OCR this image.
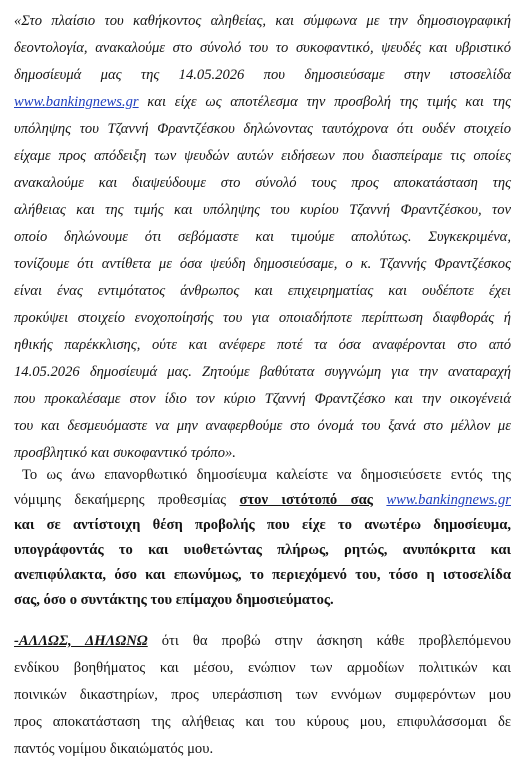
«Στο πλαίσιο του καθήκοντος αληθείας, και σύμφωνα με την δημοσιογραφική
δεοντολογία, ανακαλούμε στο σύνολό του το συκοφαντικό, ψευδές και υβριστικό
δημοσίευμά μας της 14.05.2026 που δημοσιεύσαμε στην ιστοσελίδα
www.bankingnews.gr και είχε ως αποτέλεσμα την προσβολή της τιμής και της
υπόληψης του Τζαννή Φραντζέσκου δηλώνοντας ταυτόχρονα ότι ουδέν στοιχείο
είχαμε προς απόδειξη των ψευδών αυτών ειδήσεων που διασπείραμε τις οποίες
ανακαλούμε και διαψεύδουμε στο σύνολό τους προς αποκατάσταση της
αλήθειας και της τιμής και υπόληψης του κυρίου Τζαννή Φραντζέσκου, τον
οποίο δηλώνουμε ότι σεβόμαστε και τιμούμε απολύτως. Συγκεκριμένα,
τονίζουμε ότι αντίθετα με όσα ψεύδη δημοσιεύσαμε, ο κ. Τζαννής Φραντζέσκος
είναι ένας εντιμότατος άνθρωπος και επιχειρηματίας και ουδέποτε έχει
προκύψει στοιχείο ενοχοποίησής του για οποιαδήποτε περίπτωση διαφθοράς ή
ηθικής παρέκκλισης, ούτε και ανέφερε ποτέ τα όσα αναφέρονται στο από
14.05.2026 δημοσίευμά μας. Ζητούμε βαθύτατα συγγνώμη για την αναταραχή
που προκαλέσαμε στον ίδιο τον κύριο Τζαννή Φραντζέσκο και την οικογένειά
του και δεσμευόμαστε να μην αναφερθούμε στο όνομά του ξανά στο μέλλον με
προσβλητικό και συκοφαντικό τρόπο».
Το ως άνω επανορθωτικό δημοσίευμα καλείστε να δημοσιεύσετε εντός της
νόμιμης δεκαήμερης προθεσμίας στον ιστότοπό σας www.bankingnews.gr
και σε αντίστοιχη θέση προβολής που είχε το ανωτέρω δημοσίευμα,
υπογράφοντάς το και υιοθετώντας πλήρως, ρητώς, ανυπόκριτα και
ανεπιφύλακτα, όσο και επωνύμως, το περιεχόμενό του, τόσο η ιστοσελίδα
σας, όσο ο συντάκτης του επίμαχου δημοσιεύματος.
-ΑΛΛΩΣ, ΔΗΛΩΝΩ ότι θα προβώ στην άσκηση κάθε προβλεπόμενου
ενδίκου βοηθήματος και μέσου, ενώπιον των αρμοδίων πολιτικών και
ποινικών δικαστηρίων, προς υπεράσπιση των εννόμων συμφερόντων μου
προς αποκατάσταση της αλήθειας και του κύρους μου, επιφυλάσσομαι δε
παντός νομίμου δικαιώματός μου.
